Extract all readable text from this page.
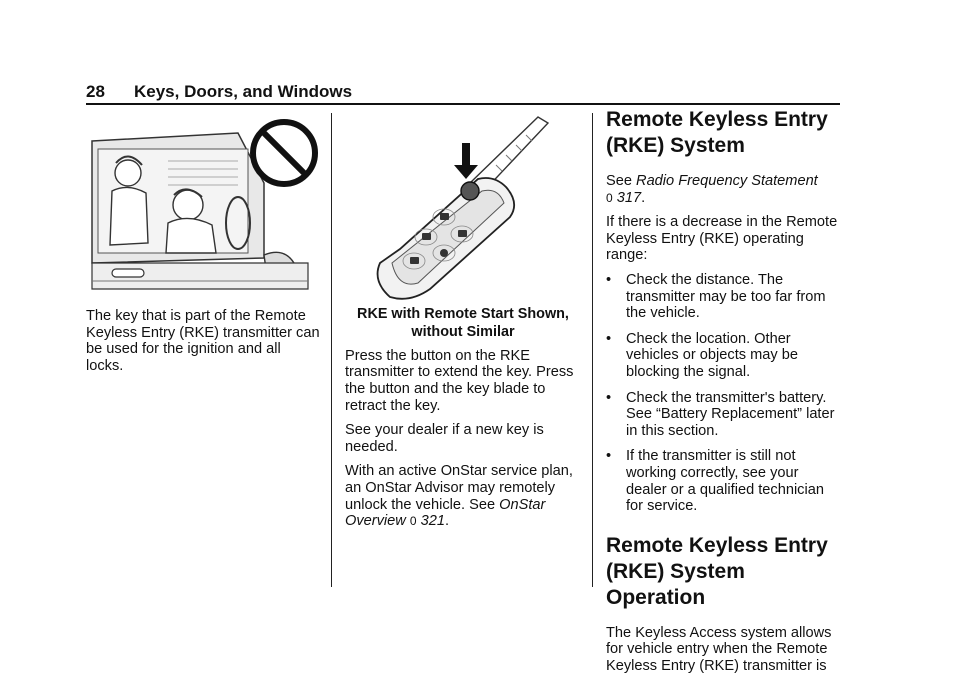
28 Keys, Doors, and Windows

The key that is part of the Remote Keyless Entry (RKE) transmitter can be used for the ignition and all locks.

RKE with Remote Start Shown,
without Similar

Press the button on the RKE transmitter to extend the key. Press the button and the key blade to retract the key.

See your dealer if a new key is needed.

With an active OnStar service plan, an OnStar Advisor may remotely unlock the vehicle. See OnStar Overview 0 321.

Remote Keyless Entry (RKE) System

See Radio Frequency Statement
0 317.

If there is a decrease in the Remote Keyless Entry (RKE) operating range:

• Check the distance. The transmitter may be too far from the vehicle.
• Check the location. Other vehicles or objects may be blocking the signal.
• Check the transmitter's battery. See “Battery Replacement” later in this section.
• If the transmitter is still not working correctly, see your dealer or a qualified technician for service.
Remote Keyless Entry (RKE) System Operation

The Keyless Access system allows for vehicle entry when the Remote Keyless Entry (RKE) transmitter is
